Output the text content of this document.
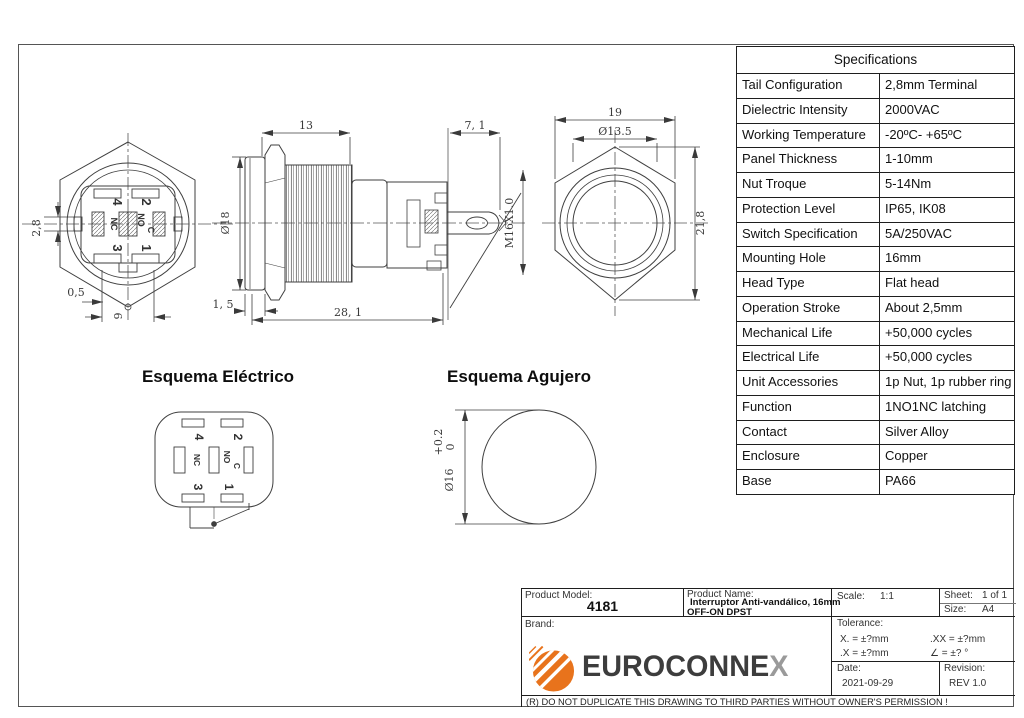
4 2
NC NO
C
3 1
2,8
0,5
9
13	7, 1
Ø18
1, 5
28, 1
M16X1.0
19
Ø13.5
21,8
Esquema Eléctrico	Esquema Agujero
4 2
NC NO
C
3 1	Ø16
+0.2 0
Specifications
Tail Configuration	2,8mm Terminal
Dielectric Intensity	2000VAC
Working Temperature	-20ºC- +65ºC
Panel Thickness	1-10mm
Nut Troque	5-14Nm
Protection Level	IP65, IK08
Switch Specification	5A/250VAC
Mounting Hole	16mm
Head Type	Flat head
Operation Stroke	About 2,5mm
Mechanical Life	+50,000 cycles
Electrical Life	+50,000 cycles
Unit Accessories	1p Nut, 1p rubber ring
Function	1NO1NC latching
Contact	Silver Alloy
Enclosure	Copper
Base	PA66
Product Model:
4181
Product Name:
Interruptor Anti-vandálico, 16mm
OFF-ON DPST
Scale: 1:1	Sheet: 1 of 1
Size: A4
Brand:
EUROCONNEX
Tolerance:
X. = ±?mm	.XX = ±?mm
.X = ±?mm	∠ = ±? °
Date:
2021-09-29
Revision:
REV 1.0
(R) DO NOT DUPLICATE THIS DRAWING TO THIRD PARTIES WITHOUT OWNER'S PERMISSION !
